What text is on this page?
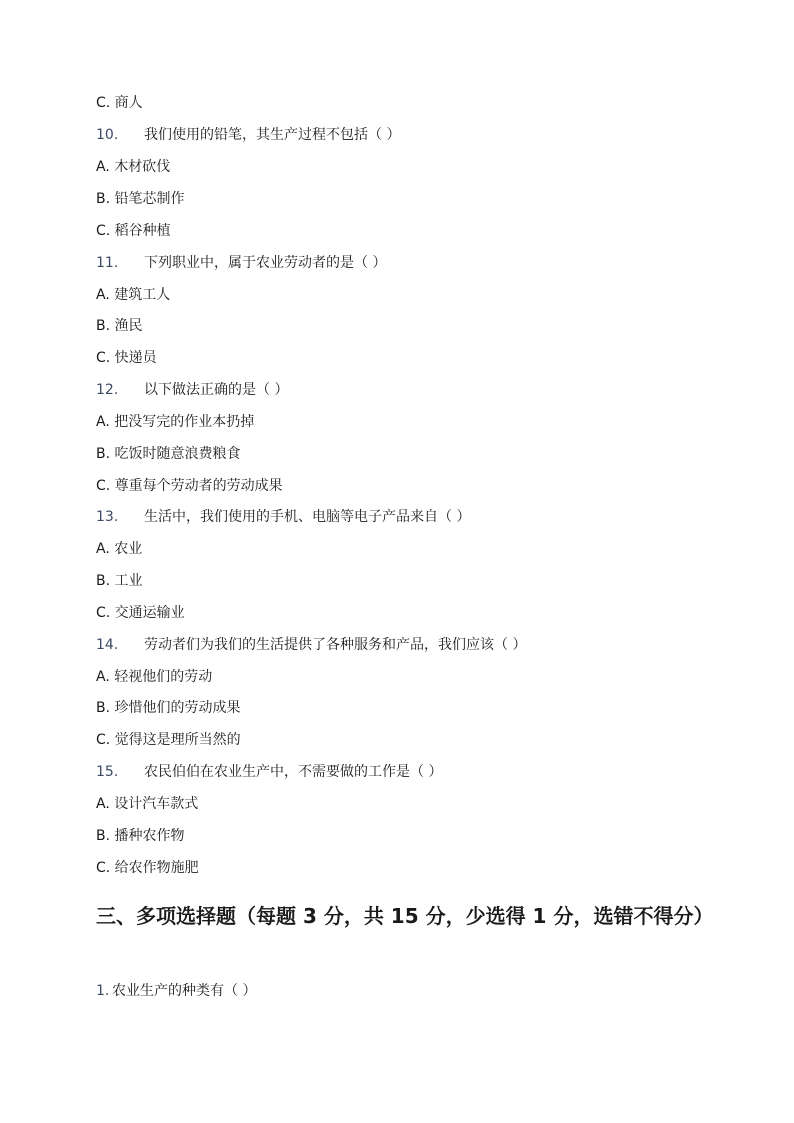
C. 商人
10. 我们使用的铅笔，其生产过程不包括（ ）
A. 木材砍伐
B. 铅笔芯制作
C. 稻谷种植
11. 下列职业中，属于农业劳动者的是（ ）
A. 建筑工人
B. 渔民
C. 快递员
12. 以下做法正确的是（ ）
A. 把没写完的作业本扔掉
B. 吃饭时随意浪费粮食
C. 尊重每个劳动者的劳动成果
13. 生活中，我们使用的手机、电脑等电子产品来自（ ）
A. 农业
B. 工业
C. 交通运输业
14. 劳动者们为我们的生活提供了各种服务和产品，我们应该（ ）
A. 轻视他们的劳动
B. 珍惜他们的劳动成果
C. 觉得这是理所当然的
15. 农民伯伯在农业生产中，不需要做的工作是（ ）
A. 设计汽车款式
B. 播种农作物
C. 给农作物施肥
三、多项选择题（每题 3 分，共 15 分，少选得 1 分，选错不得分）
1. 农业生产的种类有（ ）
